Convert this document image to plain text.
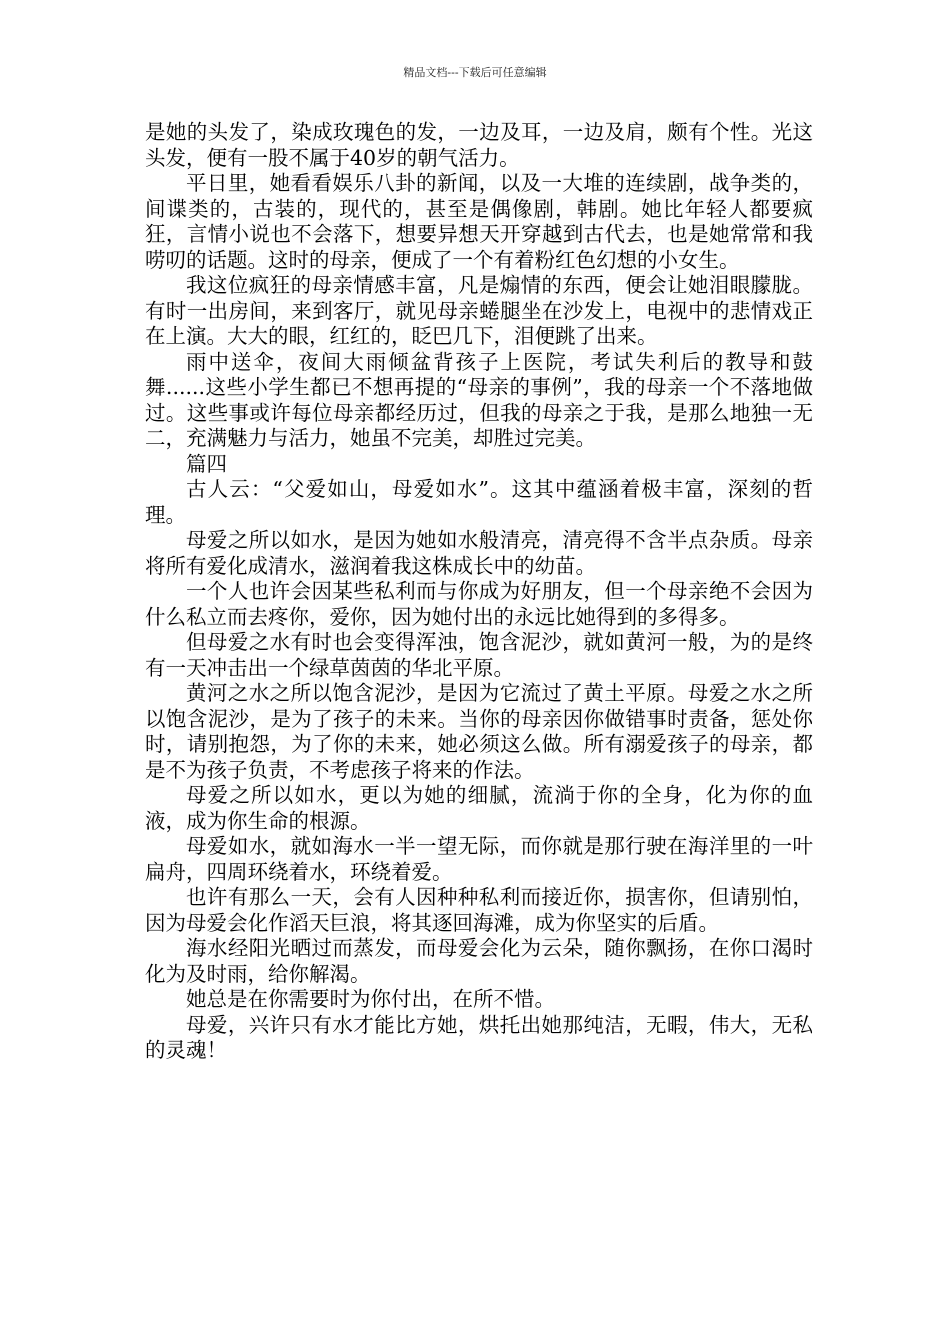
精品文档---下载后可任意编辑

是她的头发了，染成玫瑰色的发，一边及耳，一边及肩，颇有个性。光这头发，便有一股不属于40岁的朝气活力。

平日里，她看看娱乐八卦的新闻，以及一大堆的连续剧，战争类的，间谍类的，古装的，现代的，甚至是偶像剧，韩剧。她比年轻人都要疯狂，言情小说也不会落下，想要异想天开穿越到古代去，也是她常常和我唠叨的话题。这时的母亲，便成了一个有着粉红色幻想的小女生。

我这位疯狂的母亲情感丰富，凡是煽情的东西，便会让她泪眼朦胧。有时一出房间，来到客厅，就见母亲蜷腿坐在沙发上，电视中的悲情戏正在上演。大大的眼，红红的，眨巴几下，泪便跳了出来。

雨中送伞，夜间大雨倾盆背孩子上医院，考试失利后的教导和鼓舞......这些小学生都已不想再提的“母亲的事例”，我的母亲一个不落地做过。这些事或许每位母亲都经历过，但我的母亲之于我，是那么地独一无二，充满魅力与活力，她虽不完美，却胜过完美。

篇四

古人云：“父爱如山，母爱如水”。这其中蕴涵着极丰富，深刻的哲理。

母爱之所以如水，是因为她如水般清亮，清亮得不含半点杂质。母亲将所有爱化成清水，滋润着我这株成长中的幼苗。

一个人也许会因某些私利而与你成为好朋友，但一个母亲绝不会因为什么私立而去疼你，爱你，因为她付出的永远比她得到的多得多。

但母爱之水有时也会变得浑浊，饱含泥沙，就如黄河一般，为的是终有一天冲击出一个绿草茵茵的华北平原。

黄河之水之所以饱含泥沙，是因为它流过了黄土平原。母爱之水之所以饱含泥沙，是为了孩子的未来。当你的母亲因你做错事时责备，惩处你时，请别抱怨，为了你的未来，她必须这么做。所有溺爱孩子的母亲，都是不为孩子负责，不考虑孩子将来的作法。

母爱之所以如水，更以为她的细腻，流淌于你的全身，化为你的血液，成为你生命的根源。

母爱如水，就如海水一半一望无际，而你就是那行驶在海洋里的一叶扁舟，四周环绕着水，环绕着爱。

也许有那么一天，会有人因种种私利而接近你，损害你，但请别怕，因为母爱会化作滔天巨浪，将其逐回海滩，成为你坚实的后盾。

海水经阳光晒过而蒸发，而母爱会化为云朵，随你飘扬，在你口渴时化为及时雨，给你解渴。

她总是在你需要时为你付出，在所不惜。

母爱，兴许只有水才能比方她，烘托出她那纯洁，无暇，伟大，无私的灵魂！
